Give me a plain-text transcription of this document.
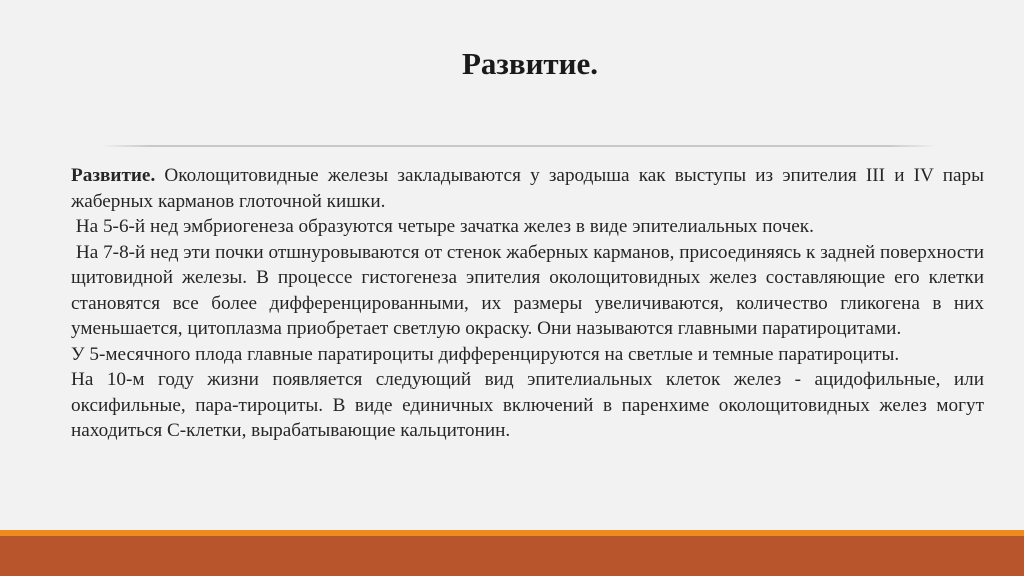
Развитие.

Развитие. Околощитовидные железы закладываются у зародыша как выступы из эпителия III и IV пары жаберных карманов глоточной кишки.

На 5-6-й нед эмбриогенеза образуются четыре зачатка желез в виде эпителиальных почек.

На 7-8-й нед эти почки отшнуровываются от стенок жаберных карманов, присоединяясь к задней поверхности щитовидной железы. В процессе гистогенеза эпителия околощитовидных желез составляющие его клетки становятся все более дифференцированными, их размеры увеличиваются, количество гликогена в них уменьшается, цитоплазма приобретает светлую окраску. Они называются главными паратироцитами.

У 5-месячного плода главные паратироциты дифференцируются на светлые и темные паратироциты.

На 10-м году жизни появляется следующий вид эпителиальных клеток желез - ацидофильные, или оксифильные, пара-тироциты. В виде единичных включений в паренхиме околощитовидных желез могут находиться С-клетки, вырабатывающие кальцитонин.
